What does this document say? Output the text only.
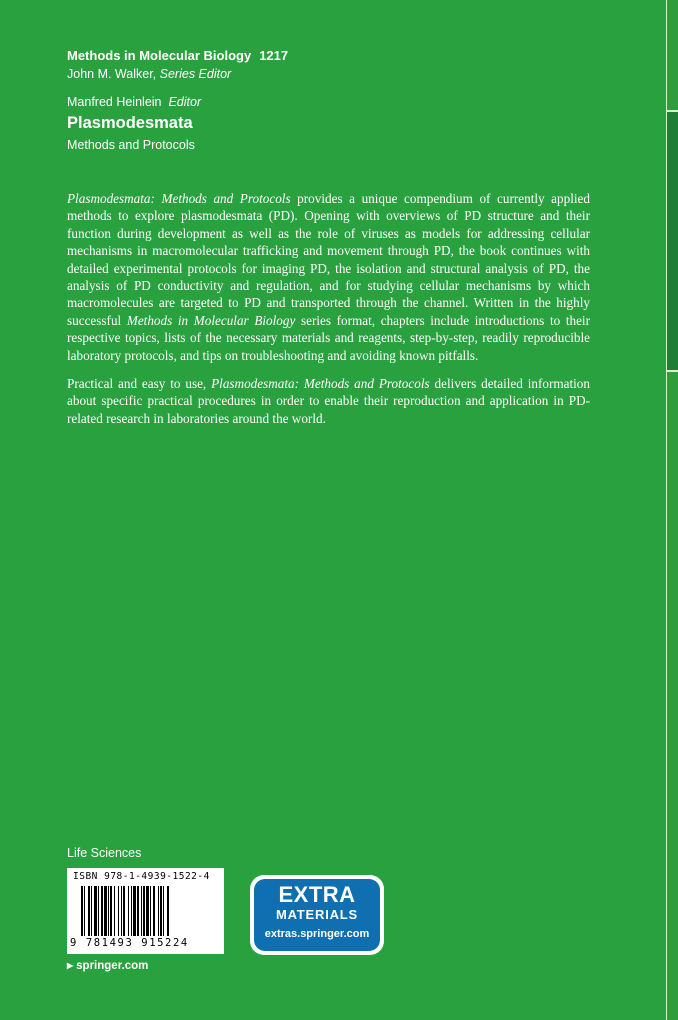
Methods in Molecular Biology 1217
John M. Walker, Series Editor
Manfred Heinlein Editor
Plasmodesmata
Methods and Protocols

Plasmodesmata: Methods and Protocols provides a unique compendium of currently applied methods to explore plasmodesmata (PD). Opening with overviews of PD structure and their function during development as well as the role of viruses as models for addressing cellular mechanisms in macromolecular trafficking and movement through PD, the book continues with detailed experimental protocols for imaging PD, the isolation and structural analysis of PD, the analysis of PD conductivity and regulation, and for studying cellular mechanisms by which macromolecules are targeted to PD and transported through the channel. Written in the highly successful Methods in Molecular Biology series format, chapters include introductions to their respective topics, lists of the necessary materials and reagents, step-by-step, readily reproducible laboratory protocols, and tips on troubleshooting and avoiding known pitfalls.

Practical and easy to use, Plasmodesmata: Methods and Protocols delivers detailed information about specific practical procedures in order to enable their reproduction and application in PD-related research in laboratories around the world.

Life Sciences
ISBN 978-1-4939-1522-4
9 781493 915224
EXTRA
MATERIALS
extras.springer.com
▶ springer.com
